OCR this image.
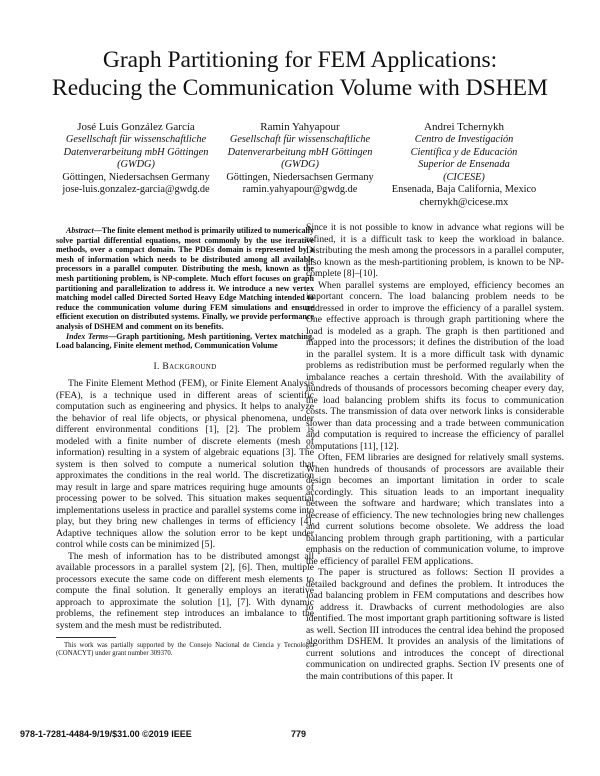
Graph Partitioning for FEM Applications:
Reducing the Communication Volume with DSHEM
José Luis González García
Gesellschaft für wissenschaftliche
Datenverarbeitung mbH Göttingen
(GWDG)
Göttingen, Niedersachsen Germany
jose-luis.gonzalez-garcia@gwdg.de
Ramin Yahyapour
Gesellschaft für wissenschaftliche
Datenverarbeitung mbH Göttingen
(GWDG)
Göttingen, Niedersachsen Germany
ramin.yahyapour@gwdg.de
Andrei Tchernykh
Centro de Investigación
Científica y de Educación
Superior de Ensenada
(CICESE)
Ensenada, Baja California, Mexico
chernykh@cicese.mx

Abstract—The finite element method is primarily utilized to numerically solve partial differential equations, most commonly by the use iterative methods, over a compact domain. The PDEs domain is represented by a mesh of information which needs to be distributed among all available processors in a parallel computer. Distributing the mesh, known as the mesh partitioning problem, is NP-complete. Much effort focuses on graph partitioning and parallelization to address it. We introduce a new vertex matching model called Directed Sorted Heavy Edge Matching intended to reduce the communication volume during FEM simulations and ensure efficient execution on distributed systems. Finally, we provide performance analysis of DSHEM and comment on its benefits.

Index Terms—Graph partitioning, Mesh partitioning, Vertex matching, Load balancing, Finite element method, Communication Volume

I. Background

The Finite Element Method (FEM), or Finite Element Analysis (FEA), is a technique used in different areas of scientific computation such as engineering and physics. It helps to analyze the behavior of real life objects, or physical phenomena, under different environmental conditions [1], [2]. The problem is modeled with a finite number of discrete elements (mesh of information) resulting in a system of algebraic equations [3]. The system is then solved to compute a numerical solution that approximates the conditions in the real world. The discretization may result in large and spare matrices requiring huge amounts of processing power to be solved. This situation makes sequential implementations useless in practice and parallel systems come into play, but they bring new challenges in terms of efficiency [4]. Adaptive techniques allow the solution error to be kept under control while costs can be minimized [5].

The mesh of information has to be distributed amongst all available processors in a parallel system [2], [6]. Then, multiple processors execute the same code on different mesh elements to compute the final solution. It generally employs an iterative approach to approximate the solution [1], [7]. With dynamic problems, the refinement step introduces an imbalance to the system and the mesh must be redistributed.

This work was partially supported by the Consejo Nacional de Ciencia y Tecnología (CONACYT) under grant number 309370.

Since it is not possible to know in advance what regions will be refined, it is a difficult task to keep the workload in balance. Distributing the mesh among the processors in a parallel computer, also known as the mesh-partitioning problem, is known to be NP-complete [8]–[10].

When parallel systems are employed, efficiency becomes an important concern. The load balancing problem needs to be addressed in order to improve the efficiency of a parallel system. One effective approach is through graph partitioning where the load is modeled as a graph. The graph is then partitioned and mapped into the processors; it defines the distribution of the load in the parallel system. It is a more difficult task with dynamic problems as redistribution must be performed regularly when the imbalance reaches a certain threshold. With the availability of hundreds of thousands of processors becoming cheaper every day, the load balancing problem shifts its focus to communication costs. The transmission of data over network links is considerable slower than data processing and a trade between communication and computation is required to increase the efficiency of parallel computations [11], [12].

Often, FEM libraries are designed for relatively small systems. When hundreds of thousands of processors are available their design becomes an important limitation in order to scale accordingly. This situation leads to an important inequality between the software and hardware; which translates into a decrease of efficiency. The new technologies bring new challenges and current solutions become obsolete. We address the load balancing problem through graph partitioning, with a particular emphasis on the reduction of communication volume, to improve the efficiency of parallel FEM applications.

The paper is structured as follows: Section II provides a detailed background and defines the problem. It introduces the load balancing problem in FEM computations and describes how to address it. Drawbacks of current methodologies are also identified. The most important graph partitioning software is listed as well. Section III introduces the central idea behind the proposed algorithm DSHEM. It provides an analysis of the limitations of current solutions and introduces the concept of directional communication on undirected graphs. Section IV presents one of the main contributions of this paper. It

978-1-7281-4484-9/19/$31.00 ©2019 IEEE	779
